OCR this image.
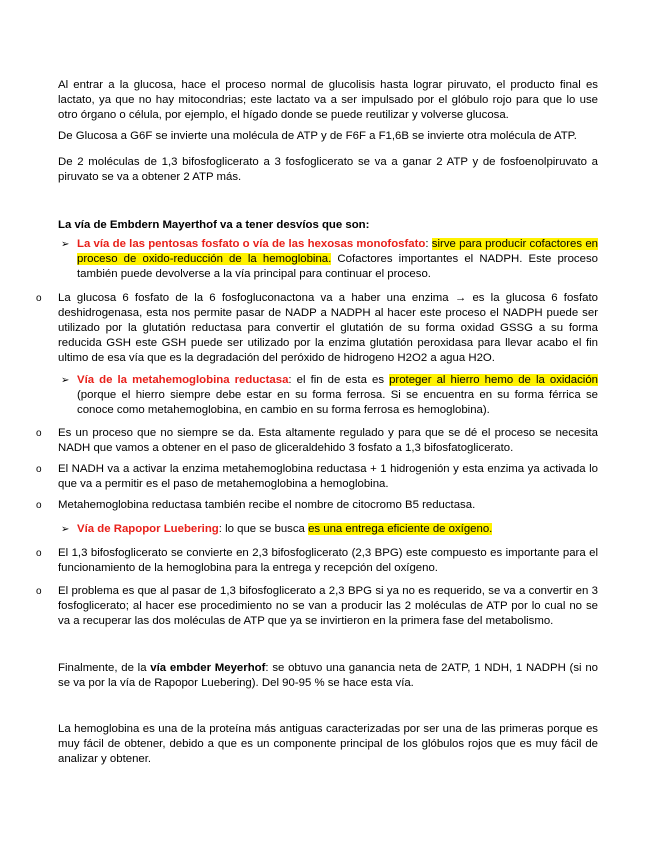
Al entrar a la glucosa, hace el proceso normal de glucolisis hasta lograr piruvato, el producto final es lactato, ya que no hay mitocondrias; este lactato va a ser impulsado por el glóbulo rojo para que lo use otro órgano o célula, por ejemplo, el hígado donde se puede reutilizar y volverse glucosa.

De Glucosa a G6F se invierte una molécula de ATP y de F6F a F1,6B se invierte otra molécula de ATP.

De 2 moléculas de 1,3 bifosfoglicerato a 3 fosfoglicerato se va a ganar 2 ATP y de fosfoenolpiruvato a piruvato se va a obtener 2 ATP más.

La vía de Embdern Mayerthof va a tener desvíos que son:

➢ La vía de las pentosas fosfato o vía de las hexosas monofosfato: sirve para producir cofactores en proceso de oxido-reducción de la hemoglobina. Cofactores importantes el NADPH. Este proceso también puede devolverse a la vía principal para continuar el proceso.

o La glucosa 6 fosfato de la 6 fosfogluconactona va a haber una enzima → es la glucosa 6 fosfato deshidrogenasa, esta nos permite pasar de NADP a NADPH al hacer este proceso el NADPH puede ser utilizado por la glutatión reductasa para convertir el glutatión de su forma oxidad GSSG a su forma reducida GSH este GSH puede ser utilizado por la enzima glutatión peroxidasa para llevar acabo el fin ultimo de esa vía que es la degradación del peróxido de hidrogeno H2O2 a agua H2O.

➢ Vía de la metahemoglobina reductasa: el fin de esta es proteger al hierro hemo de la oxidación (porque el hierro siempre debe estar en su forma ferrosa. Si se encuentra en su forma férrica se conoce como metahemoglobina, en cambio en su forma ferrosa es hemoglobina).

o Es un proceso que no siempre se da. Esta altamente regulado y para que se dé el proceso se necesita NADH que vamos a obtener en el paso de gliceraldehido 3 fosfato a 1,3 bifosfatoglicerato.

o El NADH va a activar la enzima metahemoglobina reductasa + 1 hidrogenión y esta enzima ya activada lo que va a permitir es el paso de metahemoglobina a hemoglobina.

o Metahemoglobina reductasa también recibe el nombre de citocromo B5 reductasa.

➢ Vía de Rapopor Luebering: lo que se busca es una entrega eficiente de oxígeno.

o El 1,3 bifosfoglicerato se convierte en 2,3 bifosfoglicerato (2,3 BPG) este compuesto es importante para el funcionamiento de la hemoglobina para la entrega y recepción del oxígeno.

o El problema es que al pasar de 1,3 bifosfoglicerato a 2,3 BPG si ya no es requerido, se va a convertir en 3 fosfoglicerato; al hacer ese procedimiento no se van a producir las 2 moléculas de ATP por lo cual no se va a recuperar las dos moléculas de ATP que ya se invirtieron en la primera fase del metabolismo.

Finalmente, de la vía embder Meyerhof: se obtuvo una ganancia neta de 2ATP, 1 NDH, 1 NADPH (si no se va por la vía de Rapopor Luebering). Del 90-95 % se hace esta vía.

La hemoglobina es una de la proteína más antiguas caracterizadas por ser una de las primeras porque es muy fácil de obtener, debido a que es un componente principal de los glóbulos rojos que es muy fácil de analizar y obtener.
